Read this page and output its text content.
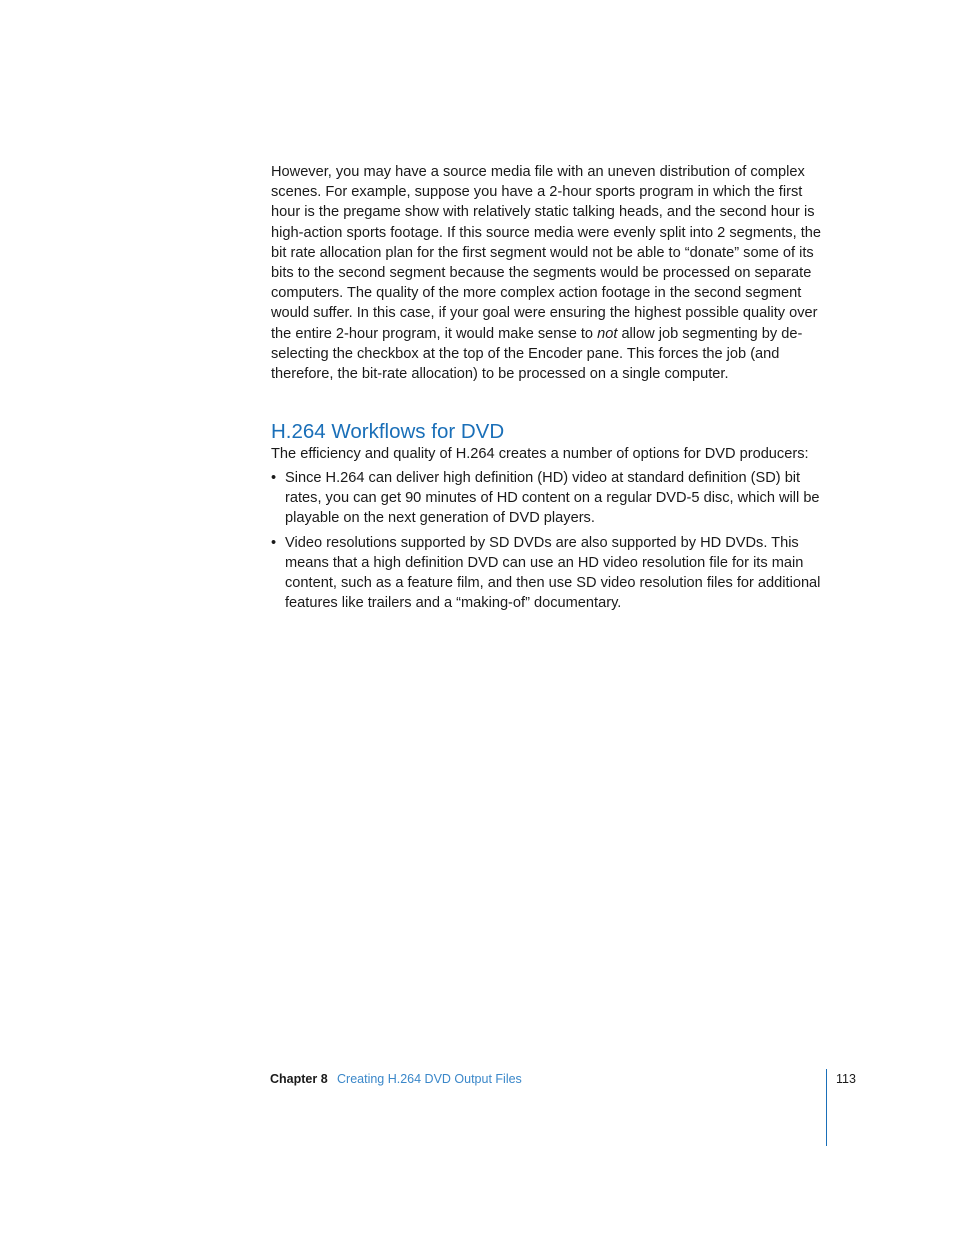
However, you may have a source media file with an uneven distribution of complex scenes. For example, suppose you have a 2-hour sports program in which the first hour is the pregame show with relatively static talking heads, and the second hour is high-action sports footage. If this source media were evenly split into 2 segments, the bit rate allocation plan for the first segment would not be able to “donate” some of its bits to the second segment because the segments would be processed on separate computers. The quality of the more complex action footage in the second segment would suffer. In this case, if your goal were ensuring the highest possible quality over the entire 2-hour program, it would make sense to not allow job segmenting by de-selecting the checkbox at the top of the Encoder pane. This forces the job (and therefore, the bit-rate allocation) to be processed on a single computer.

H.264 Workflows for DVD

The efficiency and quality of H.264 creates a number of options for DVD producers:

• Since H.264 can deliver high definition (HD) video at standard definition (SD) bit rates, you can get 90 minutes of HD content on a regular DVD-5 disc, which will be playable on the next generation of DVD players.
• Video resolutions supported by SD DVDs are also supported by HD DVDs. This means that a high definition DVD can use an HD video resolution file for its main content, such as a feature film, and then use SD video resolution files for additional features like trailers and a “making-of” documentary.
Chapter 8 Creating H.264 DVD Output Files	113
